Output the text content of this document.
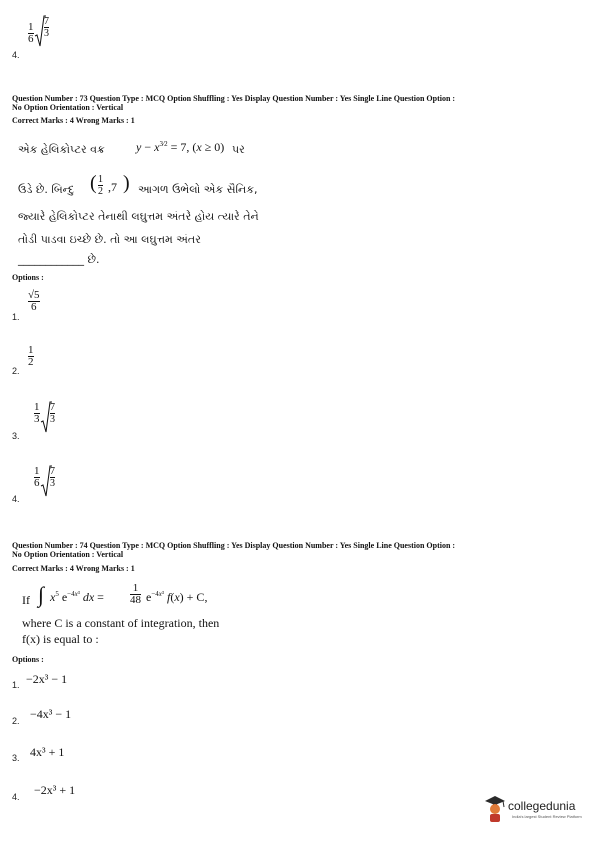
4.
1
6
7
3
Question Number : 73 Question Type : MCQ Option Shuffling : Yes Display Question Number : Yes Single Line Question Option :
No Option Orientation : Vertical
Correct Marks : 4 Wrong Marks : 1
એક હેલિકોપ્ટર વક્ર	$y - x^{3⁄2} = 7$, (x ≥ 0) પર
ઉડે છે. બિન્દુ ( 1
2 ,7 ) આગળ ઉભેલો એક સૈનિક,
જ્યારે હેલિકોપ્ટર તેનાથી લઘુત્તમ અંતરે હોય ત્યારે તેને
તોડી પાડવા ઇચ્છે છે. તો આ લઘુત્તમ અંતર
____________ છે.
Options :
1.
√5
6
2.
1
2
3.
1
3
7
3
4.
1
6
7
3
Question Number : 74 Question Type : MCQ Option Shuffling : Yes Display Question Number : Yes Single Line Question Option :
No Option Orientation : Vertical
Correct Marks : 4 Wrong Marks : 1
If ∫ $x^5$ $e^{-4x^3}$ dx =
1
48 $e^{-4x^3}$ f(x) + C,
where C is a constant of integration, then
f(x) is equal to :
Options :
1. −2x³ − 1
2. −4x³ − 1
3. 4x³ + 1
4. −2x³ + 1
collegedunia
India's largest Student Review Platform
